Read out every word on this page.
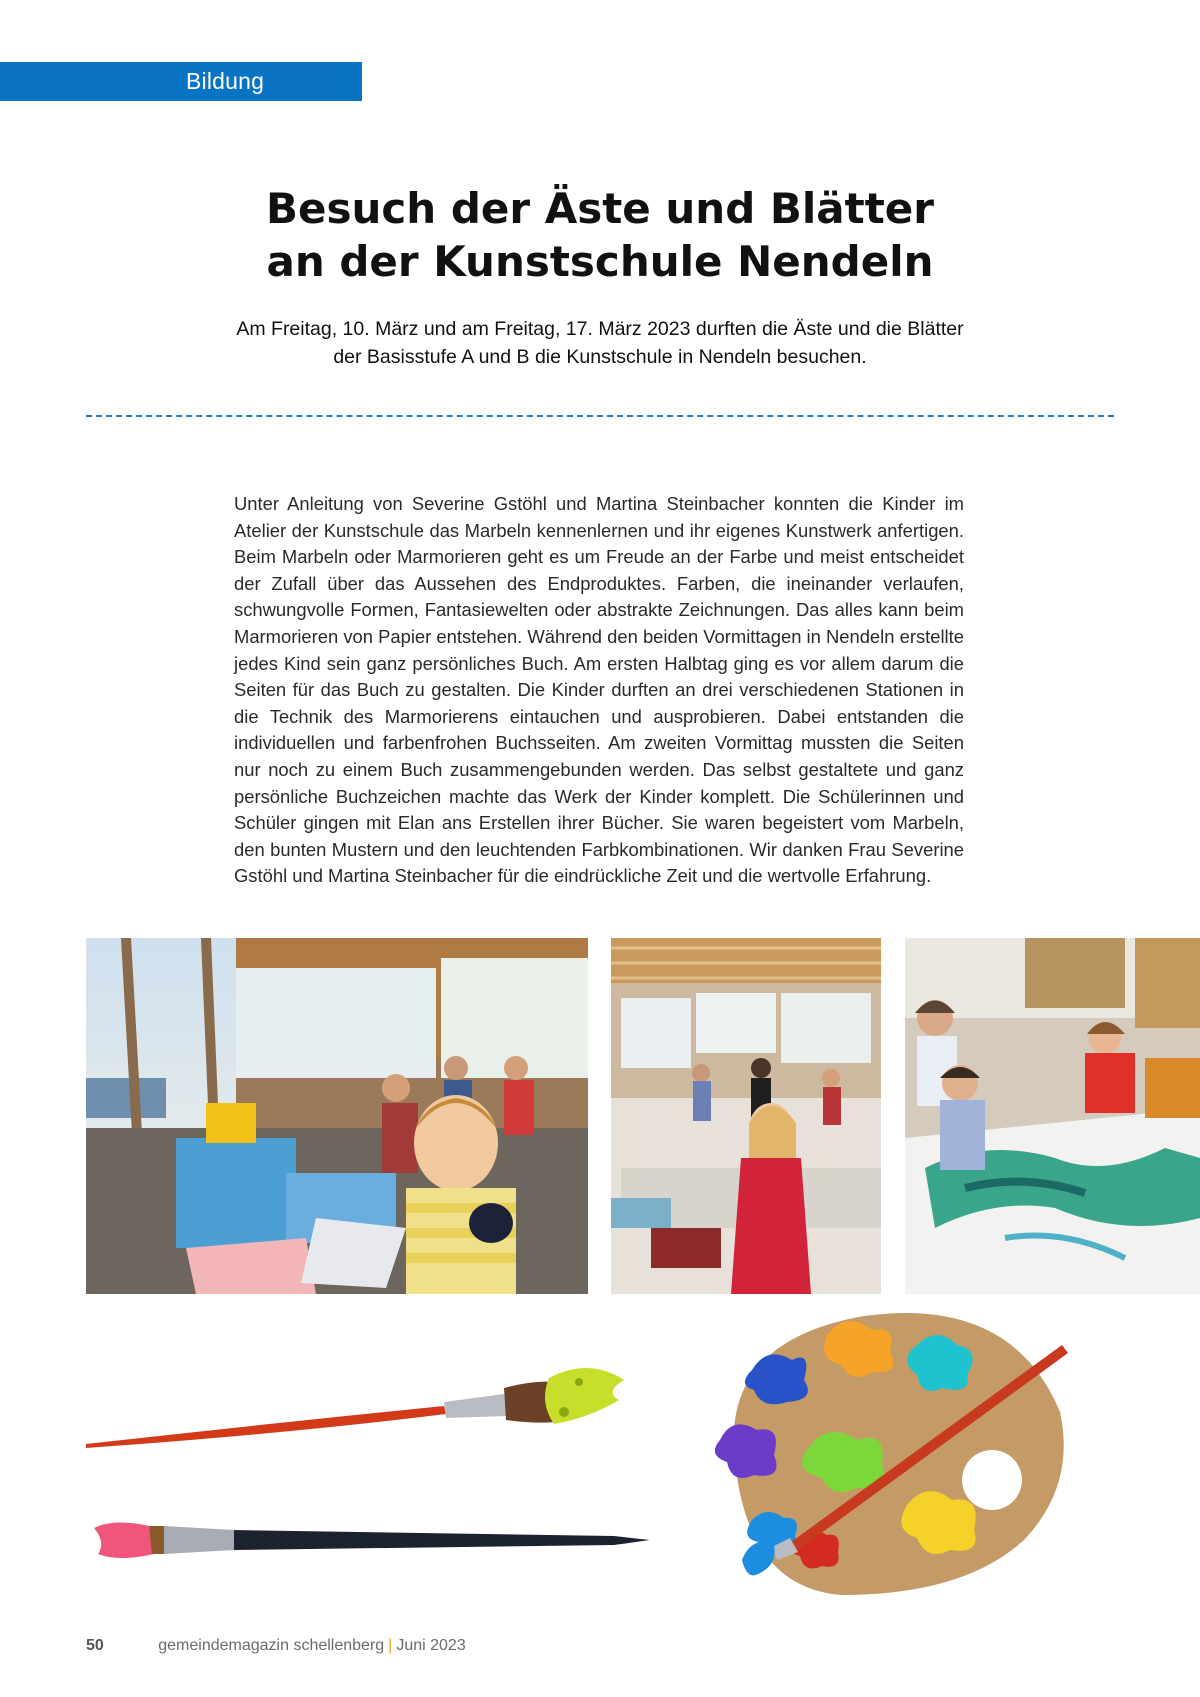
Bildung
Besuch der Äste und Blätter
an der Kunstschule Nendeln
Am Freitag, 10. März und am Freitag, 17. März 2023 durften die Äste und die Blätter
der Basisstufe A und B die Kunstschule in Nendeln besuchen.

Unter Anleitung von Severine Gstöhl und Martina Steinbacher konnten die Kinder im Atelier der Kunstschule das Marbeln kennenlernen und ihr eigenes Kunstwerk anfertigen. Beim Marbeln oder Marmorieren geht es um Freude an der Farbe und meist entscheidet der Zufall über das Aussehen des Endproduktes. Farben, die ineinander verlaufen, schwungvolle Formen, Fantasiewelten oder abstrakte Zeichnungen. Das alles kann beim Marmorieren von Papier entstehen. Während den beiden Vormittagen in Nendeln erstellte jedes Kind sein ganz persönliches Buch. Am ersten Halbtag ging es vor allem darum die Seiten für das Buch zu gestalten. Die Kinder durften an drei verschiedenen Stationen in die Technik des Marmorierens eintauchen und ausprobieren. Dabei entstanden die individuellen und farbenfrohen Buchsseiten. Am zweiten Vormittag mussten die Seiten nur noch zu einem Buch zusammengebunden werden. Das selbst gestaltete und ganz persönliche Buchzeichen machte das Werk der Kinder komplett. Die Schülerinnen und Schüler gingen mit Elan ans Erstellen ihrer Bücher. Sie waren begeistert vom Marbeln, den bunten Mustern und den leuchtenden Farbkombinationen. Wir danken Frau Severine Gstöhl und Martina Steinbacher für die eindrückliche Zeit und die wertvolle Erfahrung.

50	gemeindemagazin schellenberg | Juni 2023
